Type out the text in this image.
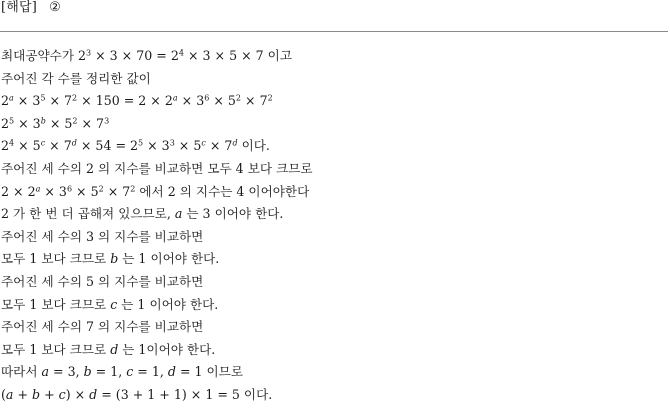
[해답] ②
최대공약수가 $2^3 \times 3 \times 70 = 2^4 \times 3 \times 5 \times 7$ 이고
주어진 각 수를 정리한 값이
$2^a \times 3^5 \times 7^2 \times 150 = 2 \times 2^a \times 3^6 \times 5^2 \times 7^2$
$2^5 \times 3^b \times 5^2 \times 7^3$
$2^4 \times 5^c \times 7^d \times 54 = 2^5 \times 3^3 \times 5^c \times 7^d$ 이다.
주어진 세 수의 2 의 지수를 비교하면 모두 4 보다 크므로
$2 \times 2^a \times 3^6 \times 5^2 \times 7^2$ 에서 2 의 지수는 4 이어야한다
2 가 한 번 더 곱해져 있으므로, a 는 3 이어야 한다.
주어진 세 수의 3 의 지수를 비교하면
모두 1 보다 크므로 b 는 1 이어야 한다.
주어진 세 수의 5 의 지수를 비교하면
모두 1 보다 크므로 c 는 1 이어야 한다.
주어진 세 수의 7 의 지수를 비교하면
모두 1 보다 크므로 d 는 1이어야 한다.
따라서 a = 3, b = 1, c = 1, d = 1 이므로
(a + b + c) × d = (3 + 1 + 1) × 1 = 5 이다.
